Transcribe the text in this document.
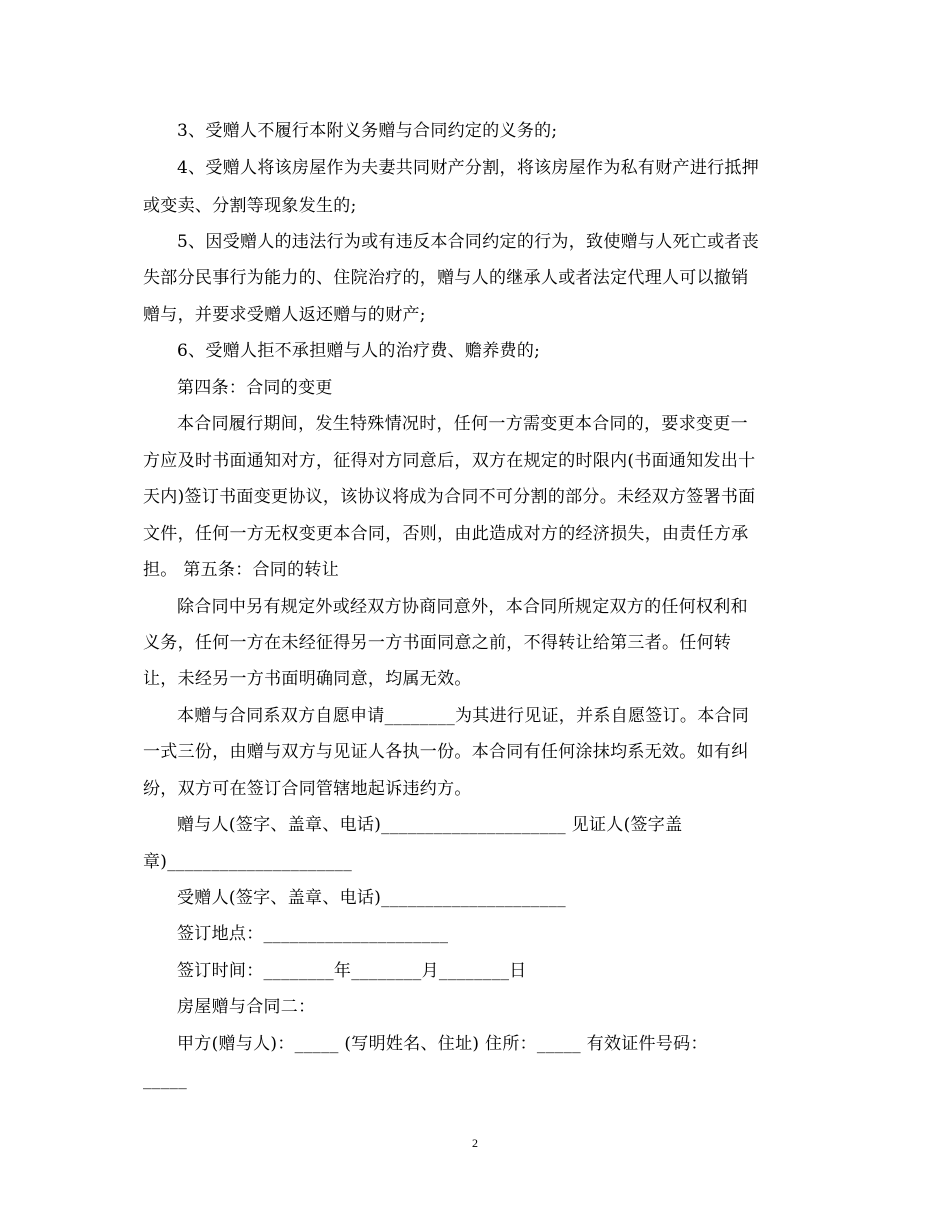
3、受赠人不履行本附义务赠与合同约定的义务的;
4、受赠人将该房屋作为夫妻共同财产分割，将该房屋作为私有财产进行抵押
或变卖、分割等现象发生的;
5、因受赠人的违法行为或有违反本合同约定的行为，致使赠与人死亡或者丧
失部分民事行为能力的、住院治疗的，赠与人的继承人或者法定代理人可以撤销
赠与，并要求受赠人返还赠与的财产;
6、受赠人拒不承担赠与人的治疗费、赡养费的;
第四条：合同的变更
本合同履行期间，发生特殊情况时，任何一方需变更本合同的，要求变更一
方应及时书面通知对方，征得对方同意后，双方在规定的时限内(书面通知发出十
天内)签订书面变更协议，该协议将成为合同不可分割的部分。未经双方签署书面
文件，任何一方无权变更本合同，否则，由此造成对方的经济损失，由责任方承
担。 第五条：合同的转让
除合同中另有规定外或经双方协商同意外，本合同所规定双方的任何权利和
义务，任何一方在未经征得另一方书面同意之前，不得转让给第三者。任何转
让，未经另一方书面明确同意，均属无效。
本赠与合同系双方自愿申请________为其进行见证，并系自愿签订。本合同
一式三份，由赠与双方与见证人各执一份。本合同有任何涂抹均系无效。如有纠
纷，双方可在签订合同管辖地起诉违约方。
赠与人(签字、盖章、电话)_____________________ 见证人(签字盖
章)_____________________
受赠人(签字、盖章、电话)_____________________
签订地点：_____________________
签订时间：________年________月________日
房屋赠与合同二：
甲方(赠与人)：_____ (写明姓名、住址) 住所：_____ 有效证件号码：
_____
2
